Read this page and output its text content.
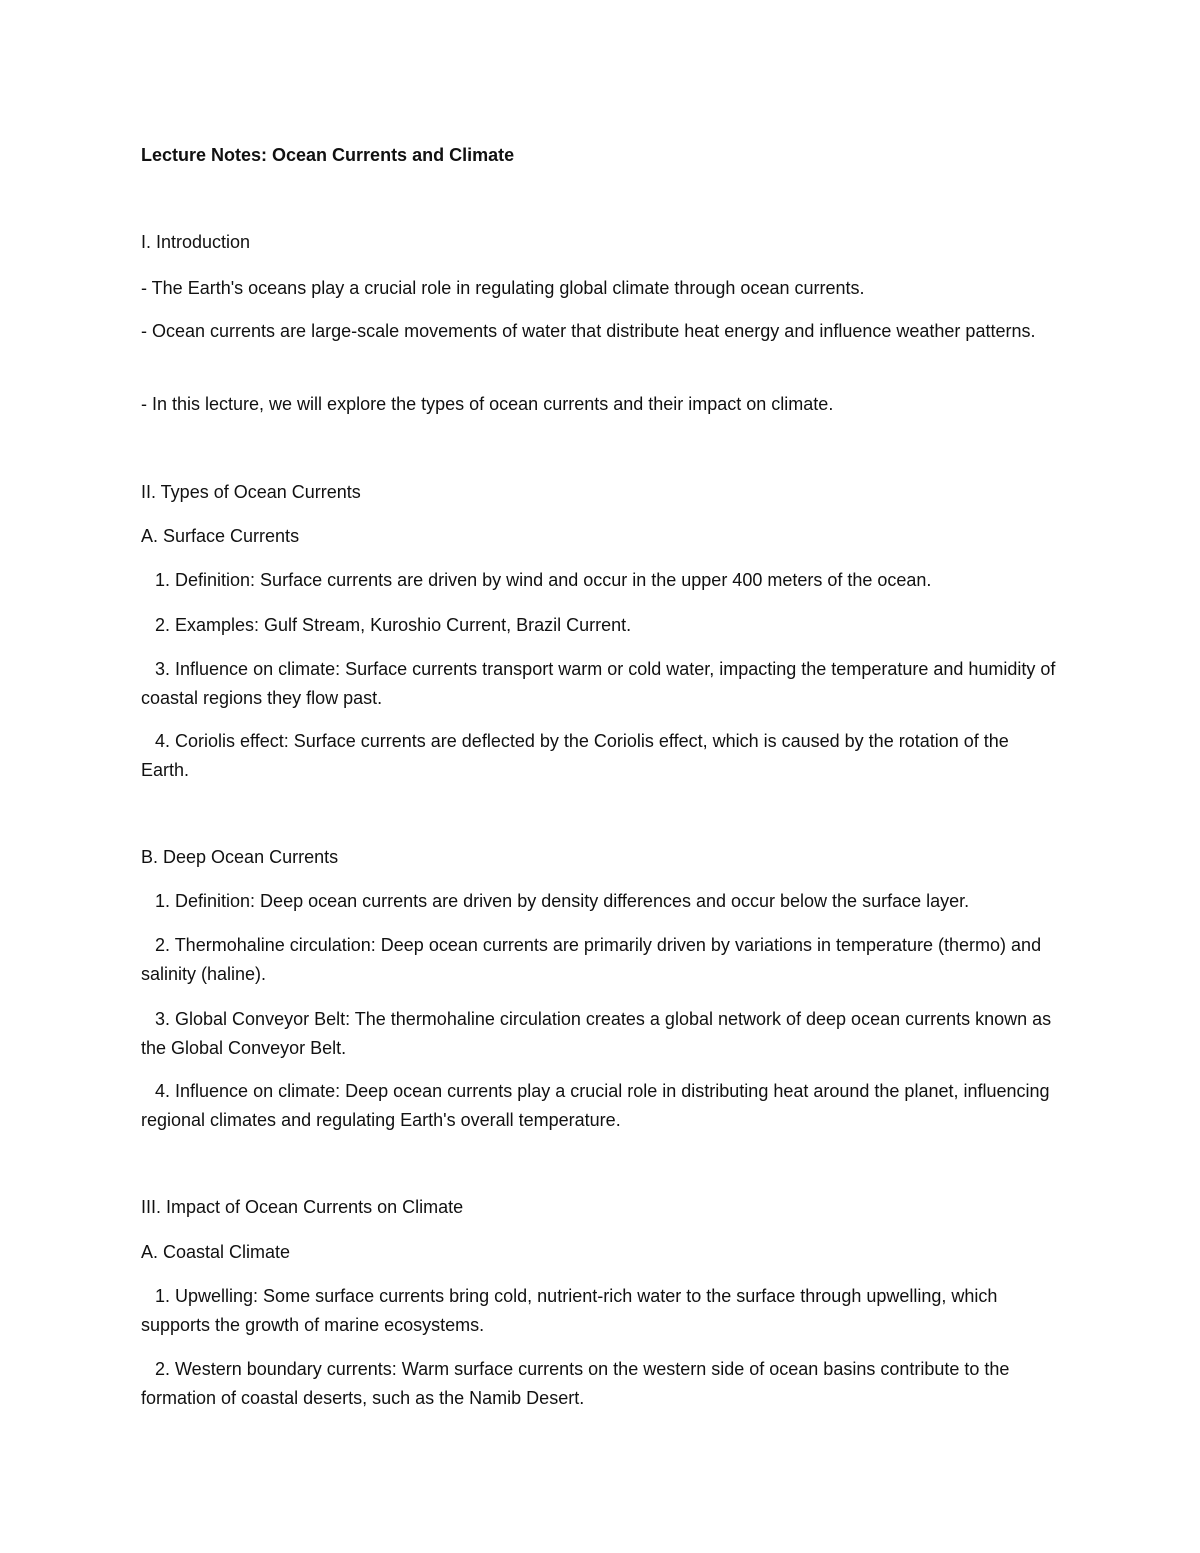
Lecture Notes: Ocean Currents and Climate

I. Introduction

- The Earth's oceans play a crucial role in regulating global climate through ocean currents.

- Ocean currents are large-scale movements of water that distribute heat energy and influence weather patterns.

- In this lecture, we will explore the types of ocean currents and their impact on climate.

II. Types of Ocean Currents

A. Surface Currents

1. Definition: Surface currents are driven by wind and occur in the upper 400 meters of the ocean.

2. Examples: Gulf Stream, Kuroshio Current, Brazil Current.

3. Influence on climate: Surface currents transport warm or cold water, impacting the temperature and humidity of coastal regions they flow past.

4. Coriolis effect: Surface currents are deflected by the Coriolis effect, which is caused by the rotation of the Earth.

B. Deep Ocean Currents

1. Definition: Deep ocean currents are driven by density differences and occur below the surface layer.

2. Thermohaline circulation: Deep ocean currents are primarily driven by variations in temperature (thermo) and salinity (haline).

3. Global Conveyor Belt: The thermohaline circulation creates a global network of deep ocean currents known as the Global Conveyor Belt.

4. Influence on climate: Deep ocean currents play a crucial role in distributing heat around the planet, influencing regional climates and regulating Earth's overall temperature.

III. Impact of Ocean Currents on Climate

A. Coastal Climate

1. Upwelling: Some surface currents bring cold, nutrient-rich water to the surface through upwelling, which supports the growth of marine ecosystems.

2. Western boundary currents: Warm surface currents on the western side of ocean basins contribute to the formation of coastal deserts, such as the Namib Desert.
